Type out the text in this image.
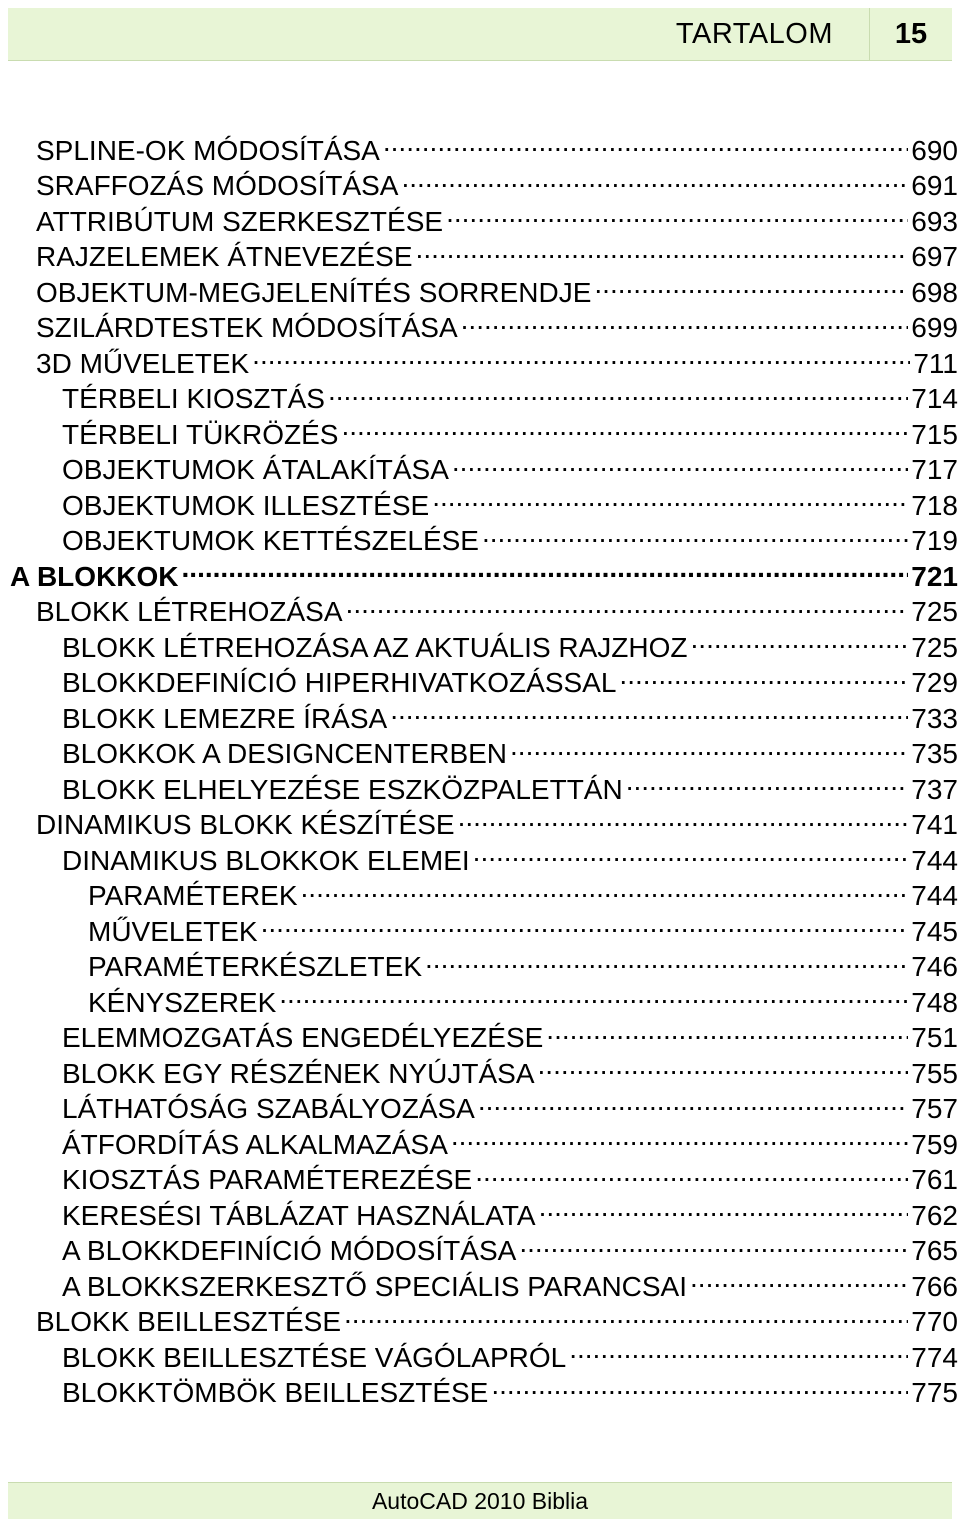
TARTALOM	15
SPLINE-OK MÓDOSÍTÁSA .....	690
SRAFFOZÁS MÓDOSÍTÁSA .....	691
ATTRIBÚTUM SZERKESZTÉSE .....	693
RAJZELEMEK ÁTNEVEZÉSE .....	697
OBJEKTUM-MEGJELENÍTÉS SORRENDJE .....	698
SZILÁRDTESTEK MÓDOSÍTÁSA .....	699
3D MŰVELETEK .....	711
TÉRBELI KIOSZTÁS .....	714
TÉRBELI TÜKRÖZÉS .....	715
OBJEKTUMOK ÁTALAKÍTÁSA .....	717
OBJEKTUMOK ILLESZTÉSE .....	718
OBJEKTUMOK KETTÉSZELÉSE .....	719
A BLOKKOK .....	721
BLOKK LÉTREHOZÁSA .....	725
BLOKK LÉTREHOZÁSA AZ AKTUÁLIS RAJZHOZ .....	725
BLOKKDEFINÍCIÓ HIPERHIVATKOZÁSSAL .....	729
BLOKK LEMEZRE ÍRÁSA .....	733
BLOKKOK A DESIGNCENTERBEN .....	735
BLOKK ELHELYEZÉSE ESZKÖZPALETTÁN .....	737
DINAMIKUS BLOKK KÉSZÍTÉSE .....	741
DINAMIKUS BLOKKOK ELEMEI .....	744
PARAMÉTEREK .....	744
MŰVELETEK .....	745
PARAMÉTERKÉSZLETEK .....	746
KÉNYSZEREK .....	748
ELEMMOZGATÁS ENGEDÉLYEZÉSE .....	751
BLOKK EGY RÉSZÉNEK NYÚJTÁSA .....	755
LÁTHATÓSÁG SZABÁLYOZÁSA .....	757
ÁTFORDÍTÁS ALKALMAZÁSA .....	759
KIOSZTÁS PARAMÉTEREZÉSE .....	761
KERESÉSI TÁBLÁZAT HASZNÁLATA .....	762
A BLOKKDEFINÍCIÓ MÓDOSÍTÁSA .....	765
A BLOKKSZERKESZTŐ SPECIÁLIS PARANCSAI .....	766
BLOKK BEILLESZTÉSE .....	770
BLOKK BEILLESZTÉSE VÁGÓLAPRÓL .....	774
BLOKKTÖMBÖK BEILLESZTÉSE .....	775
AutoCAD 2010 Biblia
